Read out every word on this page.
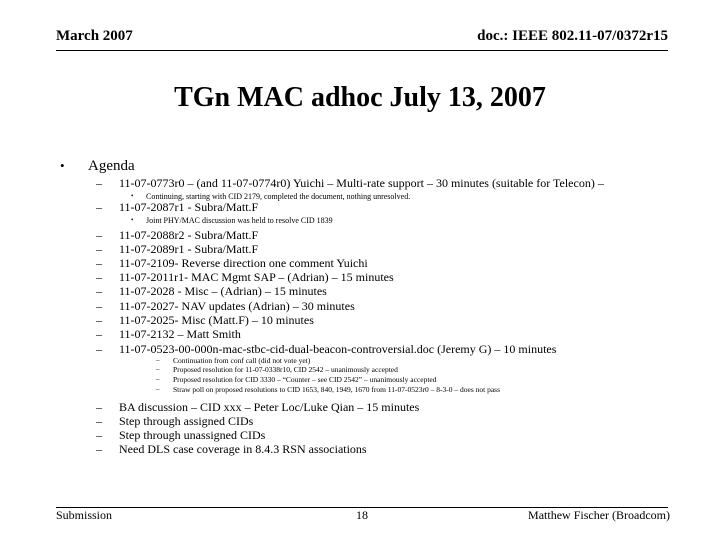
March 2007	doc.: IEEE 802.11-07/0372r15
TGn MAC adhoc July 13, 2007
• Agenda
– 11-07-0773r0 – (and 11-07-0774r0) Yuichi – Multi-rate support – 30 minutes (suitable for Telecon) –
• Continuing, starting with CID 2179, completed the document, nothing unresolved.
– 11-07-2087r1 - Subra/Matt.F
• Joint PHY/MAC discussion was held to resolve CID 1839
– 11-07-2088r2 - Subra/Matt.F
– 11-07-2089r1 - Subra/Matt.F
– 11-07-2109- Reverse direction one comment Yuichi
– 11-07-2011r1- MAC Mgmt SAP – (Adrian) – 15 minutes
– 11-07-2028 - Misc – (Adrian) – 15 minutes
– 11-07-2027- NAV updates (Adrian) – 30 minutes
– 11-07-2025- Misc (Matt.F) – 10 minutes
– 11-07-2132 – Matt Smith
– 11-07-0523-00-000n-mac-stbc-cid-dual-beacon-controversial.doc (Jeremy G) – 10 minutes
– Continuation from conf call (did not vote yet)
– Proposed resolution for 11-07-0338r10, CID 2542 – unanimously accepted
– Proposed resolution for CID 3330 – “Counter – see CID 2542” – unanimously accepted
– Straw poll on proposed resolutions to CID 1653, 840, 1949, 1670 from 11-07-0523r0 – 8-3-0 – does not pass
– BA discussion – CID xxx – Peter Loc/Luke Qian – 15 minutes
– Step through assigned CIDs
– Step through unassigned CIDs
– Need DLS case coverage in 8.4.3 RSN associations
Submission	18	Matthew Fischer (Broadcom)
